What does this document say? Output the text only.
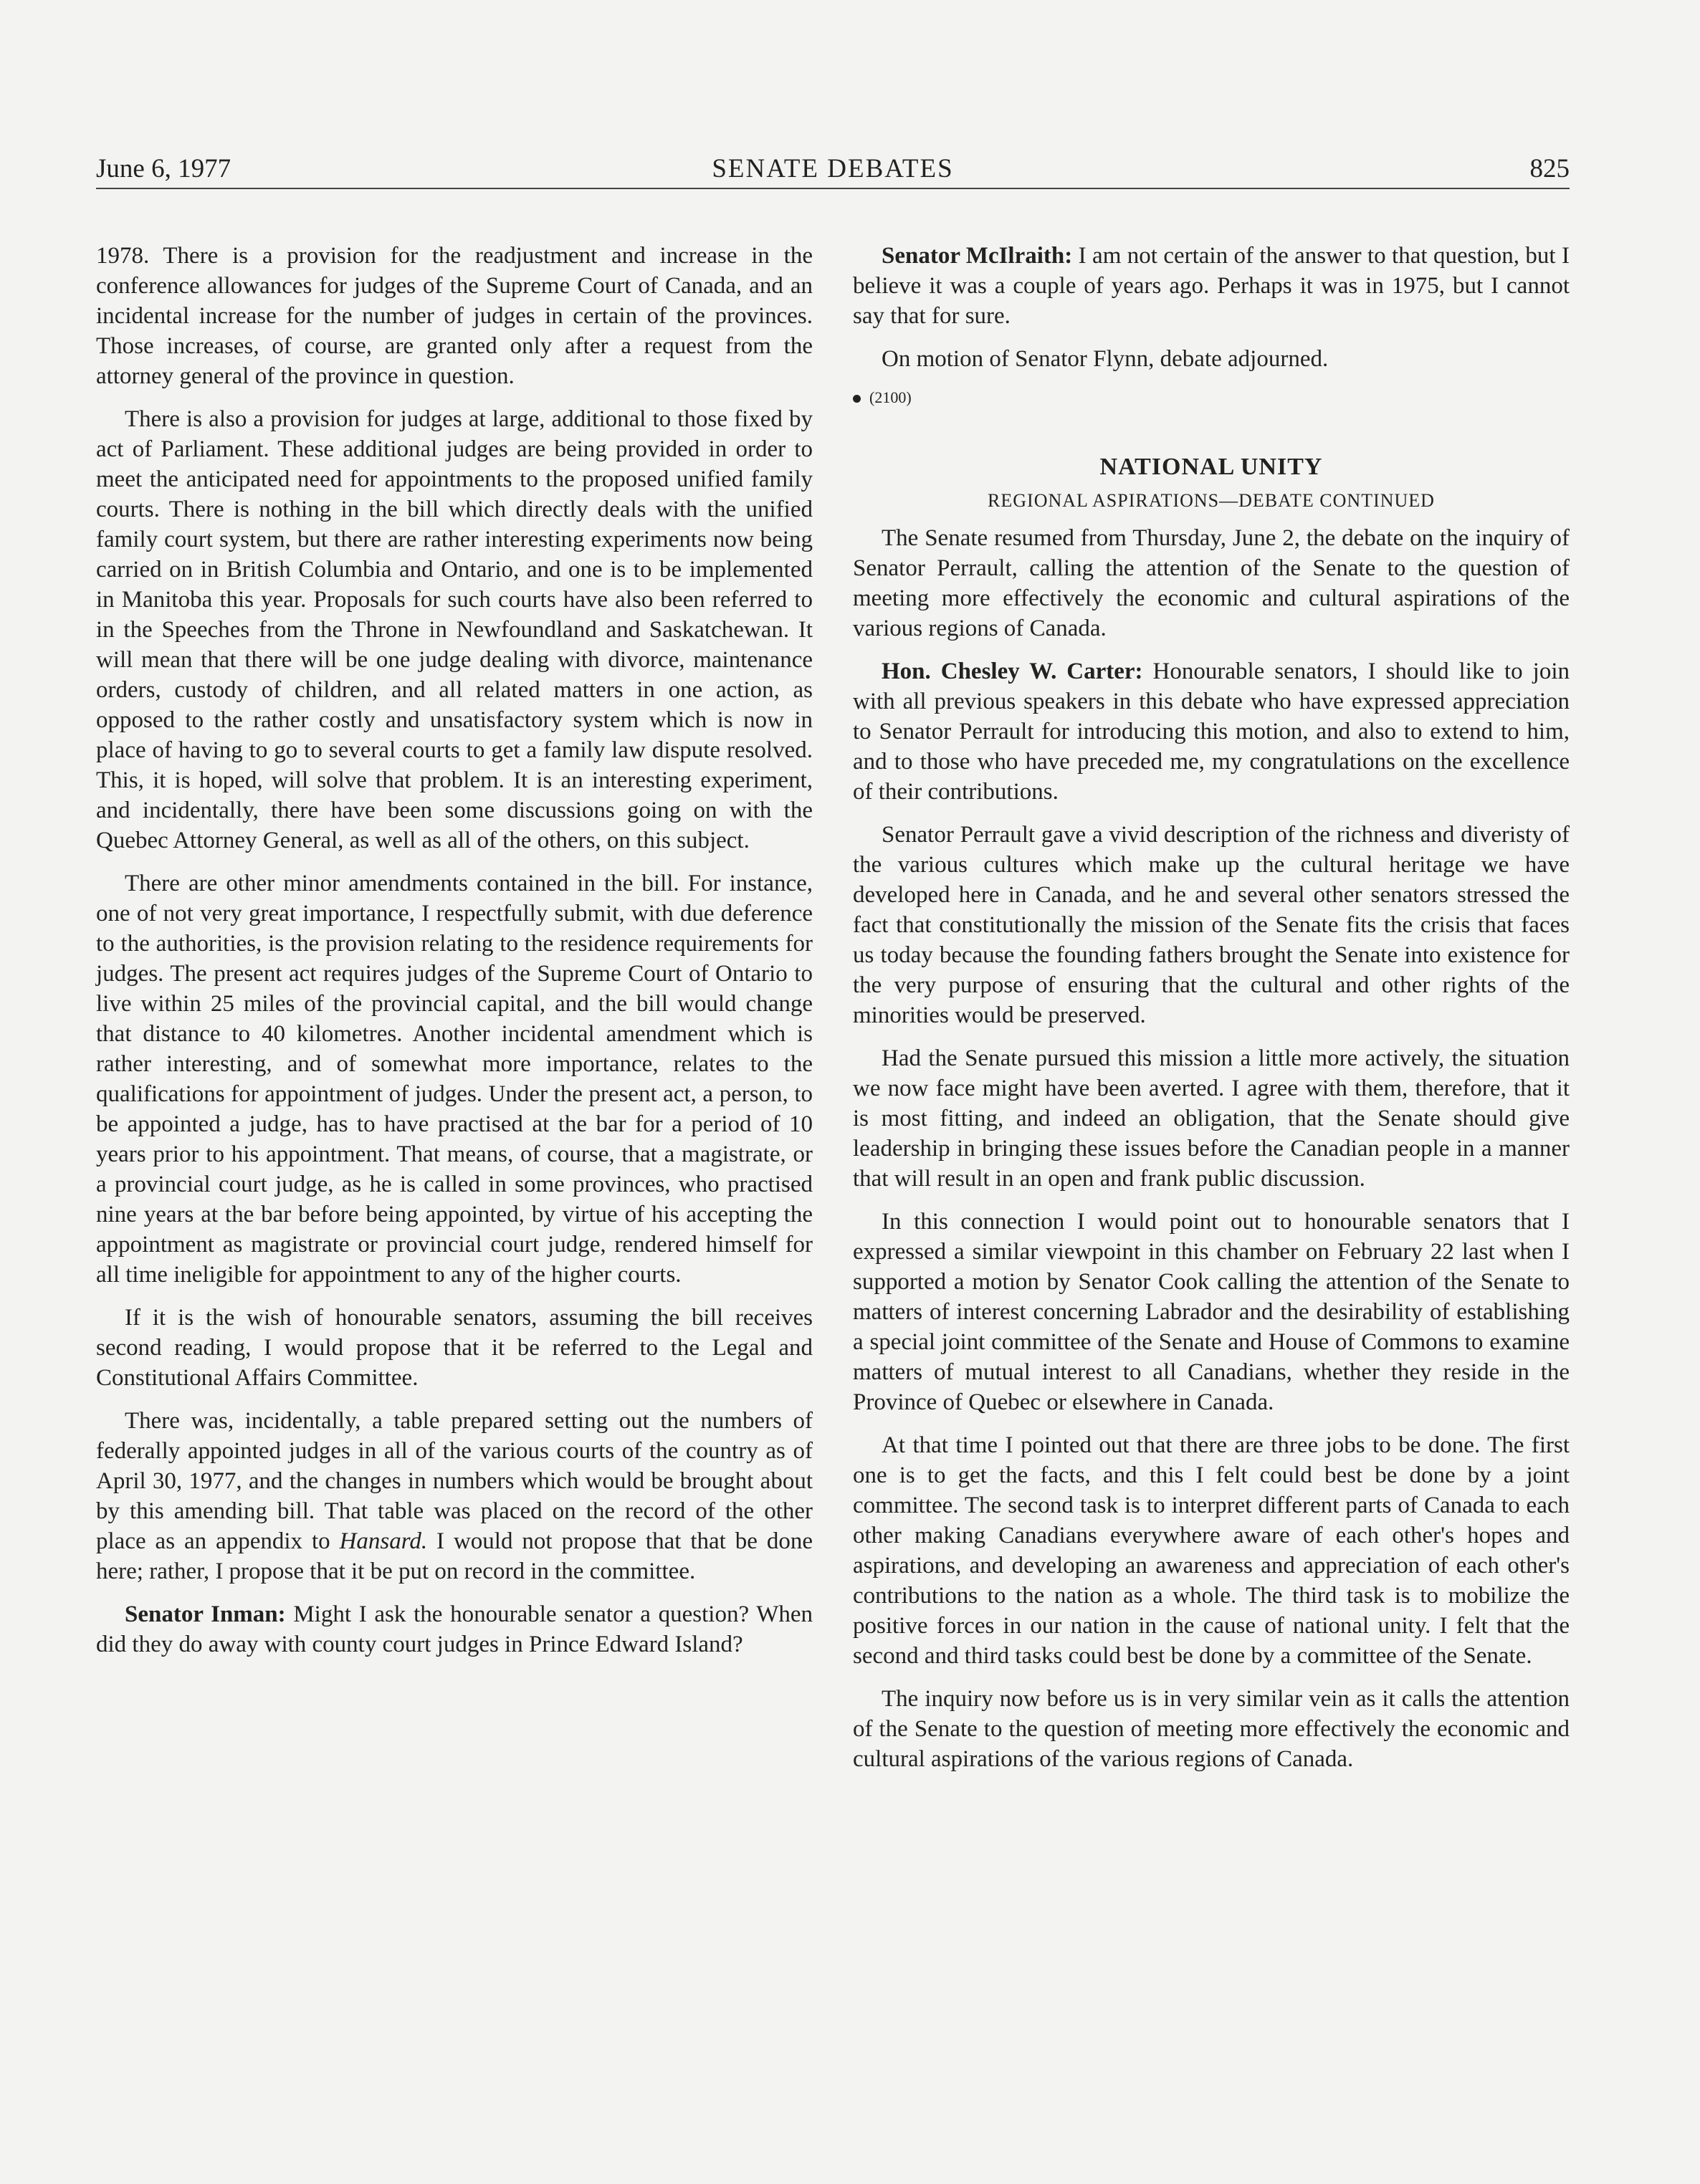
June 6, 1977	SENATE DEBATES	825

1978. There is a provision for the readjustment and increase in the conference allowances for judges of the Supreme Court of Canada, and an incidental increase for the number of judges in certain of the provinces. Those increases, of course, are granted only after a request from the attorney general of the province in question.

There is also a provision for judges at large, additional to those fixed by act of Parliament. These additional judges are being provided in order to meet the anticipated need for appointments to the proposed unified family courts. There is nothing in the bill which directly deals with the unified family court system, but there are rather interesting experiments now being carried on in British Columbia and Ontario, and one is to be implemented in Manitoba this year. Proposals for such courts have also been referred to in the Speeches from the Throne in Newfoundland and Saskatchewan. It will mean that there will be one judge dealing with divorce, maintenance orders, custody of children, and all related matters in one action, as opposed to the rather costly and unsatisfactory system which is now in place of having to go to several courts to get a family law dispute resolved. This, it is hoped, will solve that problem. It is an interesting experiment, and incidentally, there have been some discussions going on with the Quebec Attorney General, as well as all of the others, on this subject.

There are other minor amendments contained in the bill. For instance, one of not very great importance, I respectfully submit, with due deference to the authorities, is the provision relating to the residence requirements for judges. The present act requires judges of the Supreme Court of Ontario to live within 25 miles of the provincial capital, and the bill would change that distance to 40 kilometres. Another incidental amendment which is rather interesting, and of somewhat more importance, relates to the qualifications for appointment of judges. Under the present act, a person, to be appointed a judge, has to have practised at the bar for a period of 10 years prior to his appointment. That means, of course, that a magistrate, or a provincial court judge, as he is called in some provinces, who practised nine years at the bar before being appointed, by virtue of his accepting the appointment as magistrate or provincial court judge, rendered himself for all time ineligible for appointment to any of the higher courts.

If it is the wish of honourable senators, assuming the bill receives second reading, I would propose that it be referred to the Legal and Constitutional Affairs Committee.

There was, incidentally, a table prepared setting out the numbers of federally appointed judges in all of the various courts of the country as of April 30, 1977, and the changes in numbers which would be brought about by this amending bill. That table was placed on the record of the other place as an appendix to Hansard. I would not propose that that be done here; rather, I propose that it be put on record in the committee.

Senator Inman: Might I ask the honourable senator a question? When did they do away with county court judges in Prince Edward Island?

Senator McIlraith: I am not certain of the answer to that question, but I believe it was a couple of years ago. Perhaps it was in 1975, but I cannot say that for sure.

On motion of Senator Flynn, debate adjourned.

(2100)
NATIONAL UNITY
REGIONAL ASPIRATIONS—DEBATE CONTINUED

The Senate resumed from Thursday, June 2, the debate on the inquiry of Senator Perrault, calling the attention of the Senate to the question of meeting more effectively the economic and cultural aspirations of the various regions of Canada.

Hon. Chesley W. Carter: Honourable senators, I should like to join with all previous speakers in this debate who have expressed appreciation to Senator Perrault for introducing this motion, and also to extend to him, and to those who have preceded me, my congratulations on the excellence of their contributions.

Senator Perrault gave a vivid description of the richness and diveristy of the various cultures which make up the cultural heritage we have developed here in Canada, and he and several other senators stressed the fact that constitutionally the mission of the Senate fits the crisis that faces us today because the founding fathers brought the Senate into existence for the very purpose of ensuring that the cultural and other rights of the minorities would be preserved.

Had the Senate pursued this mission a little more actively, the situation we now face might have been averted. I agree with them, therefore, that it is most fitting, and indeed an obligation, that the Senate should give leadership in bringing these issues before the Canadian people in a manner that will result in an open and frank public discussion.

In this connection I would point out to honourable senators that I expressed a similar viewpoint in this chamber on February 22 last when I supported a motion by Senator Cook calling the attention of the Senate to matters of interest concerning Labrador and the desirability of establishing a special joint committee of the Senate and House of Commons to examine matters of mutual interest to all Canadians, whether they reside in the Province of Quebec or elsewhere in Canada.

At that time I pointed out that there are three jobs to be done. The first one is to get the facts, and this I felt could best be done by a joint committee. The second task is to interpret different parts of Canada to each other making Canadians everywhere aware of each other's hopes and aspirations, and developing an awareness and appreciation of each other's contributions to the nation as a whole. The third task is to mobilize the positive forces in our nation in the cause of national unity. I felt that the second and third tasks could best be done by a committee of the Senate.

The inquiry now before us is in very similar vein as it calls the attention of the Senate to the question of meeting more effectively the economic and cultural aspirations of the various regions of Canada.
